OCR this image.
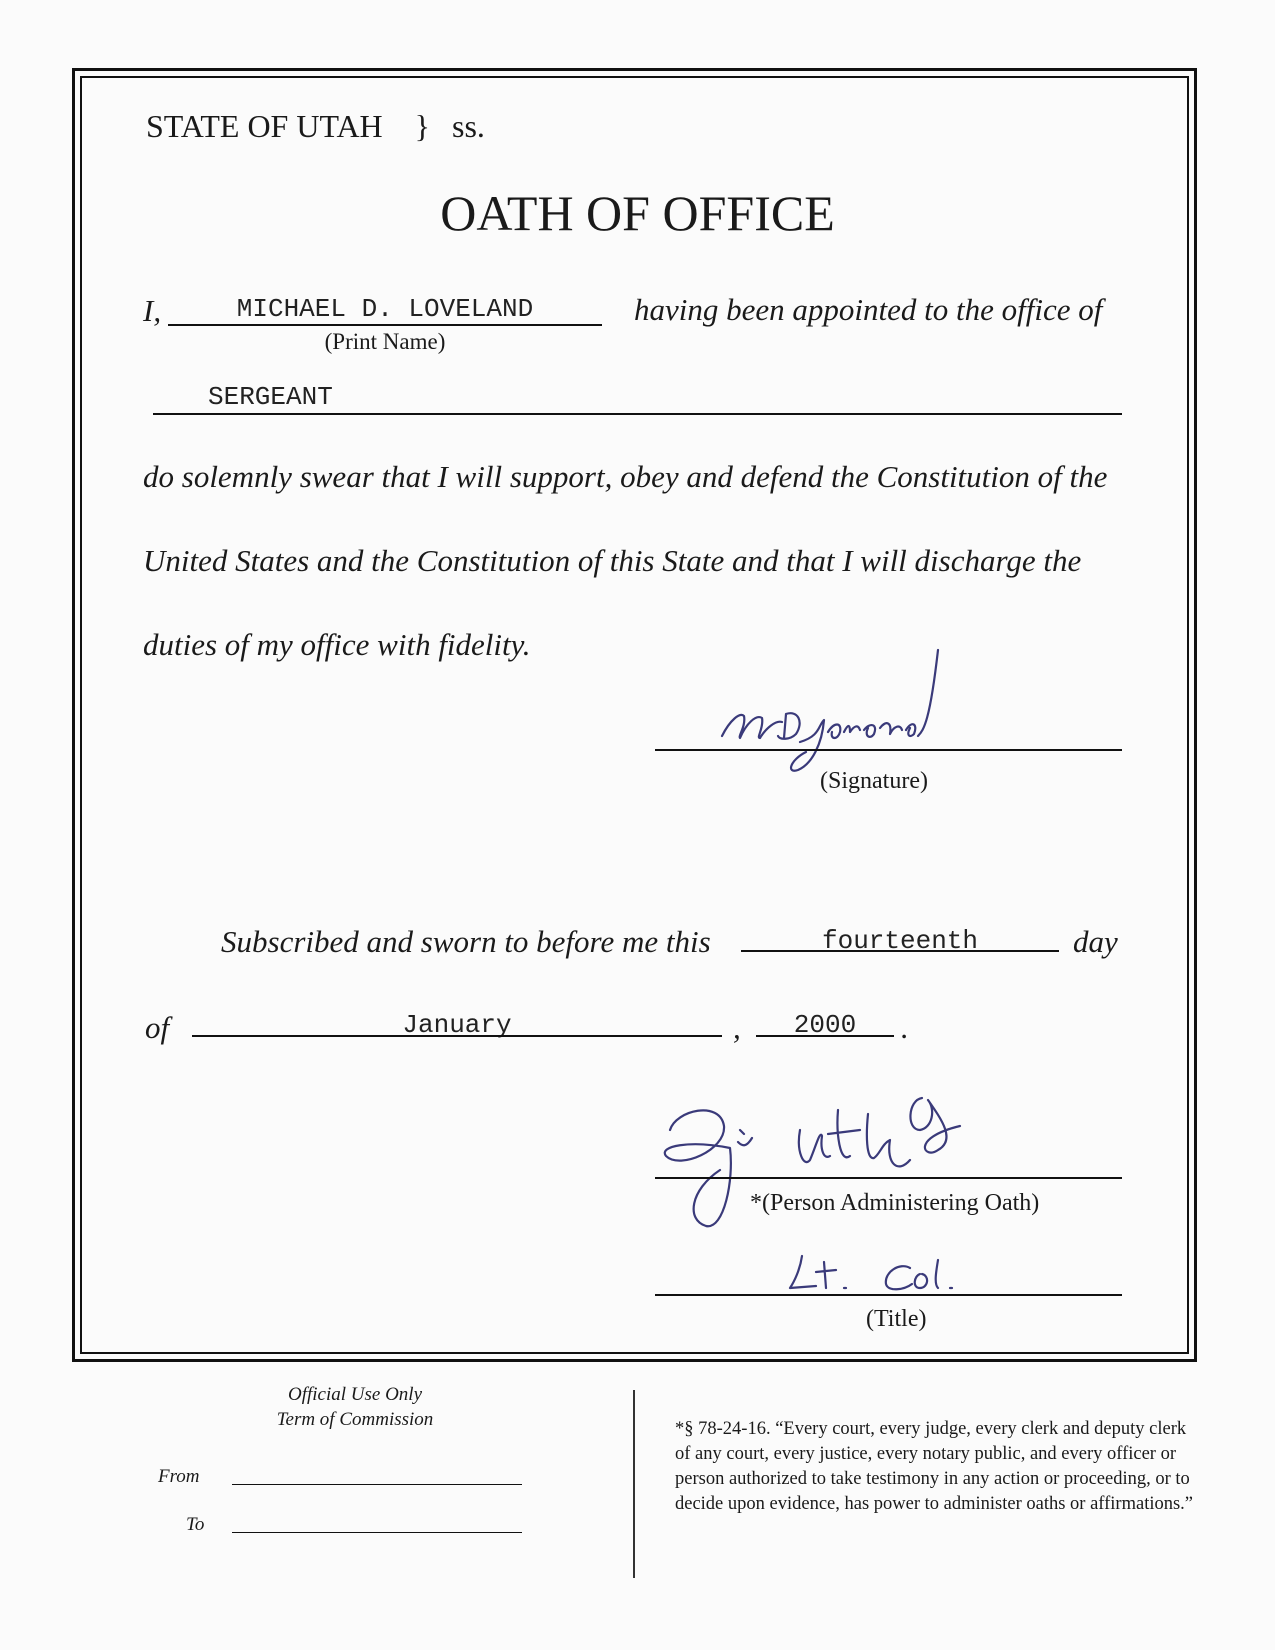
STATE OF UTAH } ss.
OATH OF OFFICE
I,	MICHAEL D. LOVELAND
(Print Name)
having been appointed to the office of
SERGEANT
do solemnly swear that I will support, obey and defend the Constitution of the
United States and the Constitution of this State and that I will discharge the
duties of my office with fidelity.
(Signature)
Subscribed and sworn to before me this	fourteenth	day
of	January	,	2000	.
*(Person Administering Oath)
(Title)
Official Use Only
Term of Commission
From
To
*§ 78-24-16. “Every court, every judge, every clerk and deputy clerk of any court, every justice, every notary public, and every officer or person authorized to take testimony in any action or proceeding, or to decide upon evidence, has power to administer oaths or affirmations.”
